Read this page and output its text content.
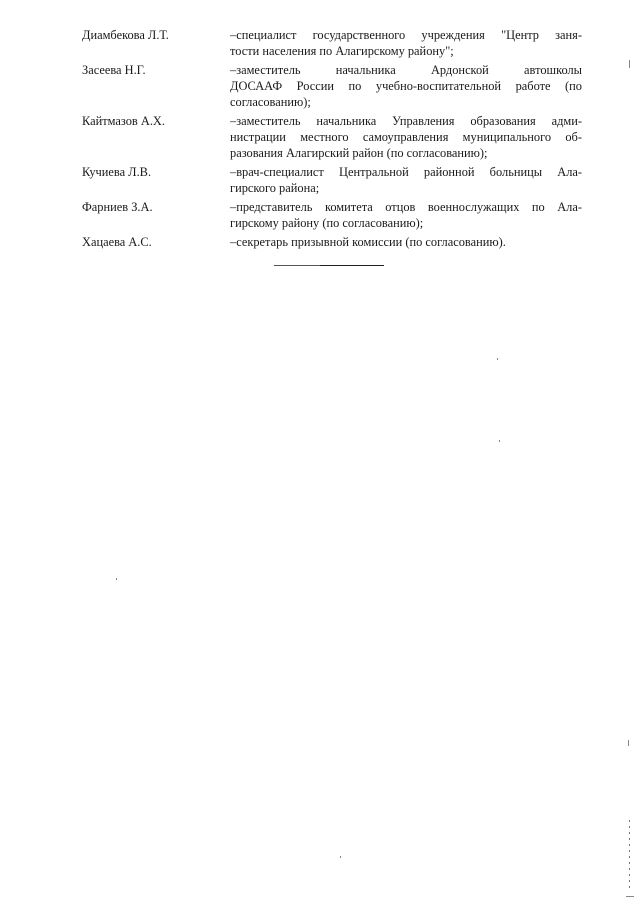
Диамбекова Л.Т.	–специалист государственного учреждения "Центр заня-
тости населения по Алагирскому району";
Засеева Н.Г.	–заместитель начальника Ардонской автошколы
ДОСААФ России по учебно-воспитательной работе (по
согласованию);
Кайтмазов А.Х.	–заместитель начальника Управления образования адми-
нистрации местного самоуправления муниципального об-
разования Алагирский район (по согласованию);
Кучиева Л.В.	–врач-специалист Центральной районной больницы Ала-
гирского района;
Фарниев З.А.	–представитель комитета отцов военнослужащих по Ала-
гирскому району (по согласованию);
Хацаева А.С.	–секретарь призывной комиссии (по согласованию).
